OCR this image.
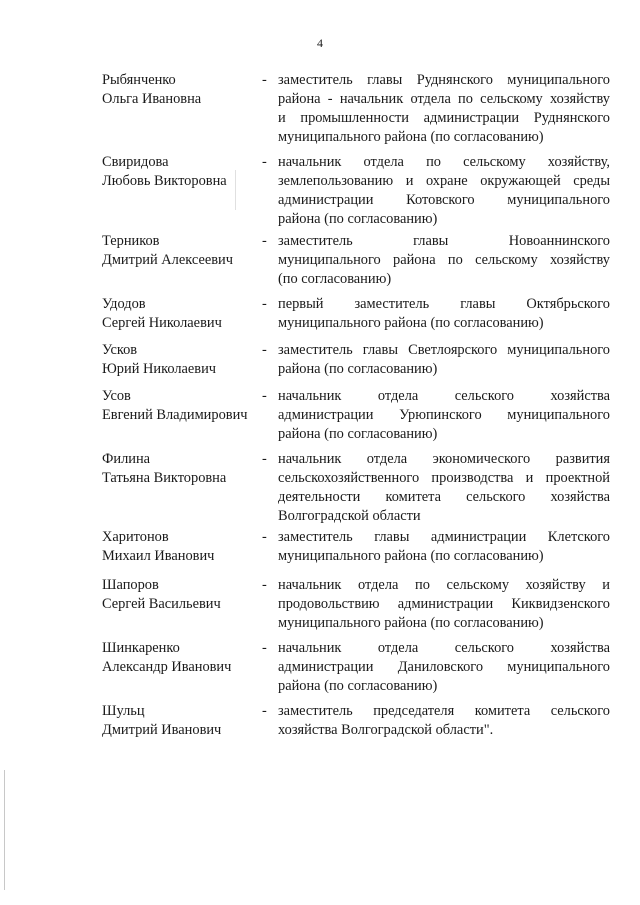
4
Рыбянченко
Ольга Ивановна
- заместитель главы Руднянского муниципального
района - начальник отдела по сельскому хозяйству
и промышленности администрации Руднянского
муниципального района (по согласованию)
Свиридова
Любовь Викторовна
- начальник отдела по сельскому хозяйству,
землепользованию и охране окружающей среды
администрации Котовского муниципального
района (по согласованию)
Терников
Дмитрий Алексеевич
- заместитель главы Новоаннинского
муниципального района по сельскому хозяйству
(по согласованию)
Удодов
Сергей Николаевич
- первый заместитель главы Октябрьского
муниципального района (по согласованию)
Усков
Юрий Николаевич
- заместитель главы Светлоярского муниципального
района (по согласованию)
Усов
Евгений Владимирович
- начальник отдела сельского хозяйства
администрации Урюпинского муниципального
района (по согласованию)
Филина
Татьяна Викторовна
- начальник отдела экономического развития
сельскохозяйственного производства и проектной
деятельности комитета сельского хозяйства
Волгоградской области
Харитонов
Михаил Иванович
- заместитель главы администрации Клетского
муниципального района (по согласованию)
Шапоров
Сергей Васильевич
- начальник отдела по сельскому хозяйству и
продовольствию администрации Киквидзенского
муниципального района (по согласованию)
Шинкаренко
Александр Иванович
- начальник отдела сельского хозяйства
администрации Даниловского муниципального
района (по согласованию)
Шульц
Дмитрий Иванович
- заместитель председателя комитета сельского
хозяйства Волгоградской области".
